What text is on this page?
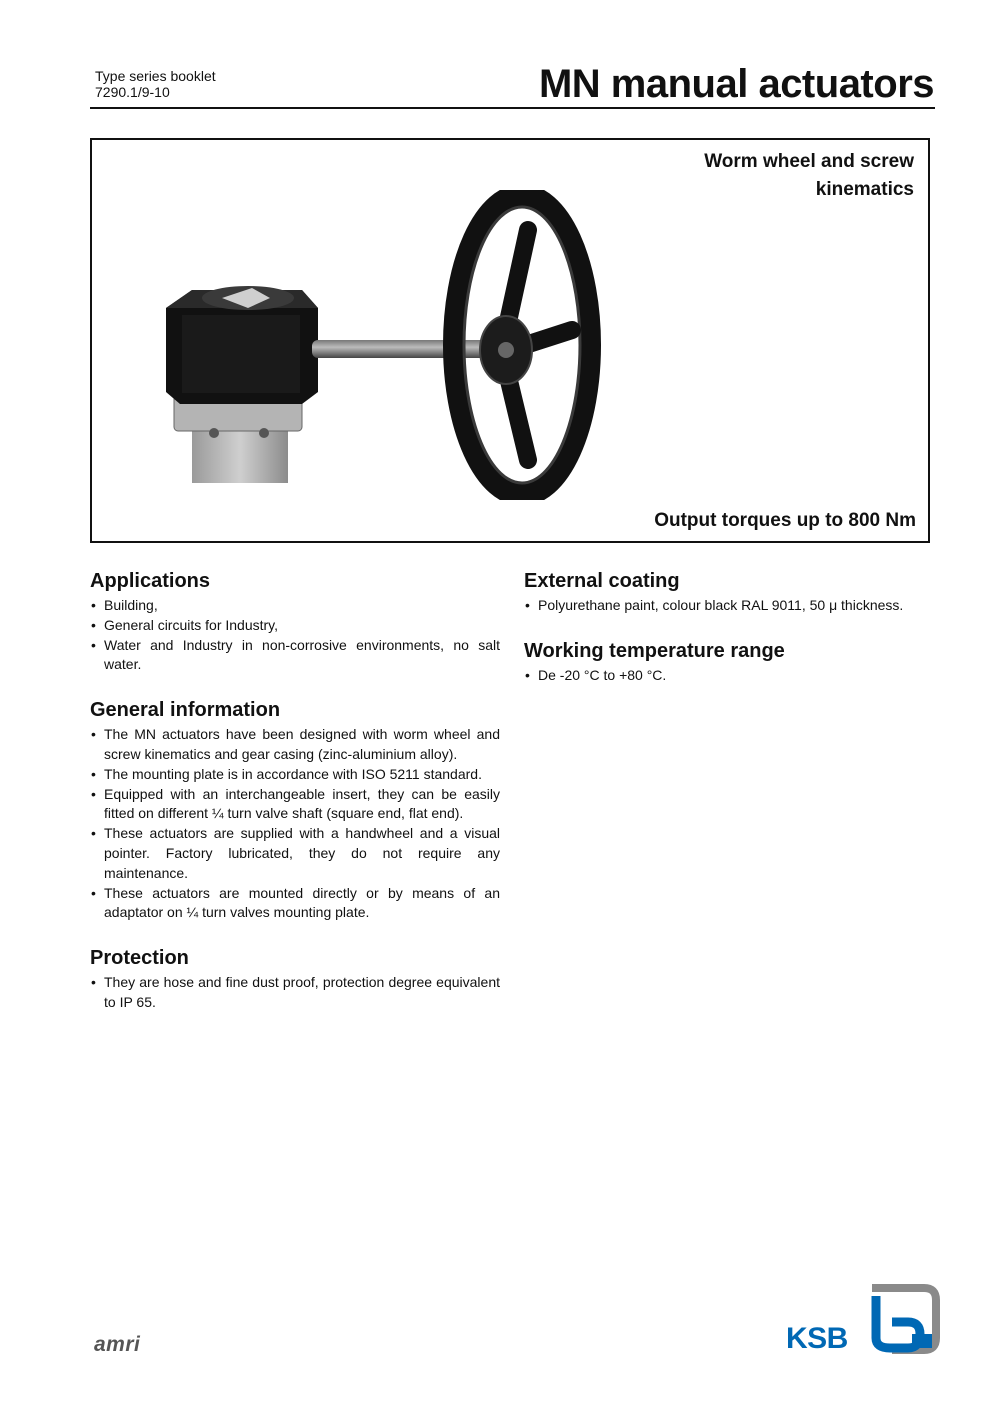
Type series booklet
7290.1/9-10	MN manual actuators
Worm wheel and screw
kinematics
Output torques up to 800 Nm
Applications
• Building,
• General circuits for Industry,
• Water and Industry in non-corrosive environments, no salt water.
General information
• The MN actuators have been designed with worm wheel and screw kinematics and gear casing (zinc-aluminium alloy).
• The mounting plate is in accordance with ISO 5211 standard.
• Equipped with an interchangeable insert, they can be easily fitted on different ¼ turn valve shaft (square end, flat end).
• These actuators are supplied with a handwheel and a visual pointer. Factory lubricated, they do not require any maintenance.
• These actuators are mounted directly or by means of an adaptator on ¼ turn valves mounting plate.
Protection
• They are hose and fine dust proof, protection degree equivalent to IP 65.
External coating
• Polyurethane paint, colour black RAL 9011, 50 μ thickness.
Working temperature range
• De -20 °C to +80 °C.
amri	KSB
